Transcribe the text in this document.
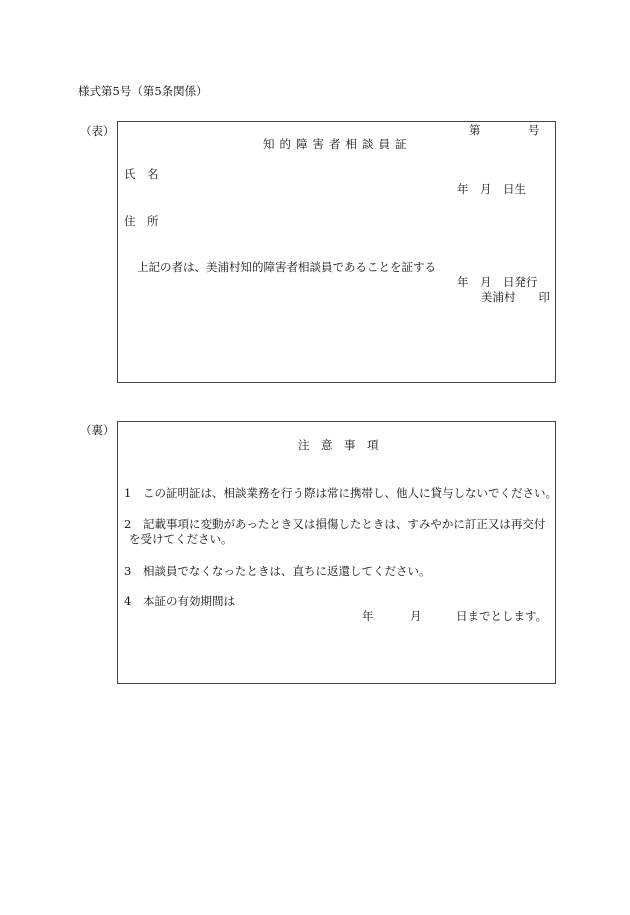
様式第5号（第5条関係）
（表）	第	号
知的障害者相談員証
氏　名
年　月　日生
住　所
上記の者は、美浦村知的障害者相談員であることを証する
年　月　日発行
美浦村　　印
（裏）
注　意　事　項
1 この証明証は、相談業務を行う際は常に携帯し、他人に貸与しないでください。
2 記載事項に変動があったとき又は損傷したときは、すみやかに訂正又は再交付
を受けてください。
3 相談員でなくなったときは、直ちに返還してください。
4 本証の有効期間は
年	月	日までとします。
